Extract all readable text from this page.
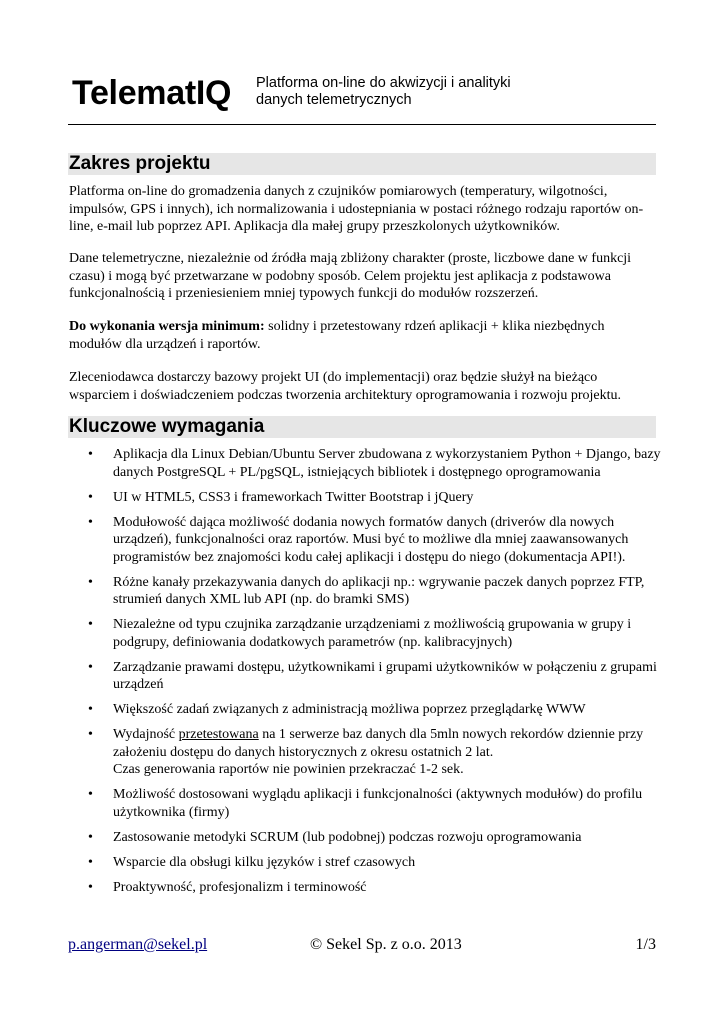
TelematIQ Platforma on-line do akwizycji i analityki
danych telemetrycznych
Zakres projektu
Platforma on-line do gromadzenia danych z czujników pomiarowych (temperatury, wilgotności, impulsów, GPS i innych), ich normalizowania i udostepniania w postaci różnego rodzaju raportów on-line, e-mail lub poprzez API. Aplikacja dla małej grupy przeszkolonych użytkowników.
Dane telemetryczne, niezależnie od źródła mają zbliżony charakter (proste, liczbowe dane w funkcji czasu) i mogą być przetwarzane w podobny sposób. Celem projektu jest aplikacja z podstawowa funkcjonalnością i przeniesieniem mniej typowych funkcji do modułów rozszerzeń.
Do wykonania wersja minimum: solidny i przetestowany rdzeń aplikacji + klika niezbędnych modułów dla urządzeń i raportów.
Zleceniodawca dostarczy bazowy projekt UI (do implementacji) oraz będzie służył na bieżąco wsparciem i doświadczeniem podczas tworzenia architektury oprogramowania i rozwoju projektu.
Kluczowe wymagania
• Aplikacja dla Linux Debian/Ubuntu Server zbudowana z wykorzystaniem Python + Django, bazy danych PostgreSQL + PL/pgSQL, istniejących bibliotek i dostępnego oprogramowania
• UI w HTML5, CSS3 i frameworkach Twitter Bootstrap i jQuery
• Modułowość dająca możliwość dodania nowych formatów danych (driverów dla nowych urządzeń), funkcjonalności oraz raportów. Musi być to możliwe dla mniej zaawansowanych programistów bez znajomości kodu całej aplikacji i dostępu do niego (dokumentacja API!).
• Różne kanały przekazywania danych do aplikacji np.: wgrywanie paczek danych poprzez FTP, strumień danych XML lub API (np. do bramki SMS)
• Niezależne od typu czujnika zarządzanie urządzeniami z możliwością grupowania w grupy i podgrupy, definiowania dodatkowych parametrów (np. kalibracyjnych)
• Zarządzanie prawami dostępu, użytkownikami i grupami użytkowników w połączeniu z grupami urządzeń
• Większość zadań związanych z administracją możliwa poprzez przeglądarkę WWW
• Wydajność przetestowana na 1 serwerze baz danych dla 5mln nowych rekordów dziennie przy założeniu dostępu do danych historycznych z okresu ostatnich 2 lat.
Czas generowania raportów nie powinien przekraczać 1-2 sek.
• Możliwość dostosowani wyglądu aplikacji i funkcjonalności (aktywnych modułów) do profilu użytkownika (firmy)
• Zastosowanie metodyki SCRUM (lub podobnej) podczas rozwoju oprogramowania
• Wsparcie dla obsługi kilku języków i stref czasowych
• Proaktywność, profesjonalizm i terminowość
p.angerman@sekel.pl	© Sekel Sp. z o.o. 2013	1/3
